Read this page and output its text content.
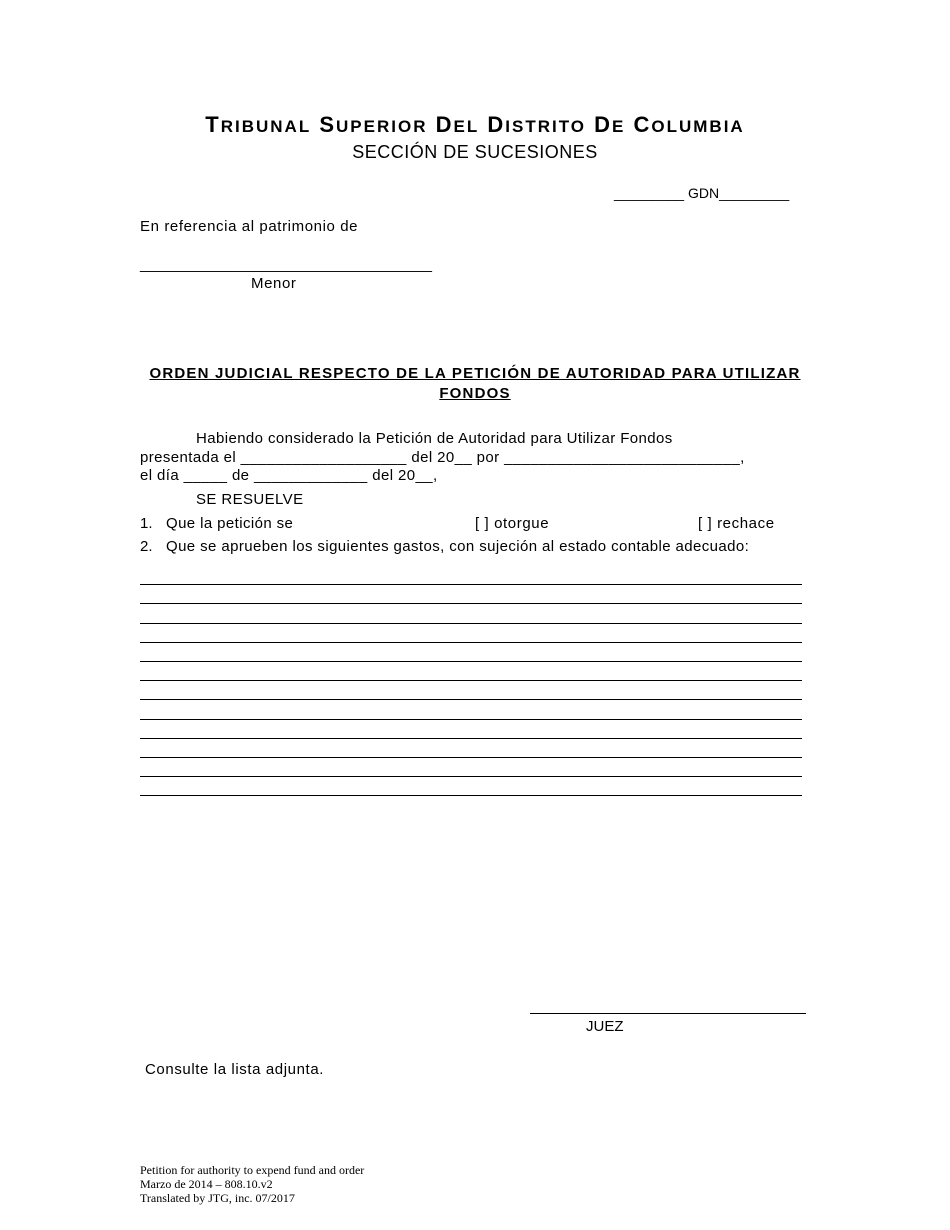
TRIBUNAL SUPERIOR DEL DISTRITO DE COLUMBIA
SECCIÓN DE SUCESIONES
_________ GDN_________
En referencia al patrimonio de
___________________________________
Menor
ORDEN JUDICIAL RESPECTO DE LA PETICIÓN DE AUTORIDAD PARA UTILIZAR FONDOS
Habiendo considerado la Petición de Autoridad para Utilizar Fondos
presentada el ___________________ del 20__ por ___________________________,
el día _____ de _____________ del 20__,
SE RESUELVE
1. Que la petición se	[ ] otorgue	[ ] rechace
2. Que se aprueben los siguientes gastos, con sujeción al estado contable adecuado:
JUEZ
Consulte la lista adjunta.
Petition for authority to expend fund and order
Marzo de 2014 – 808.10.v2
Translated by JTG, inc. 07/2017
